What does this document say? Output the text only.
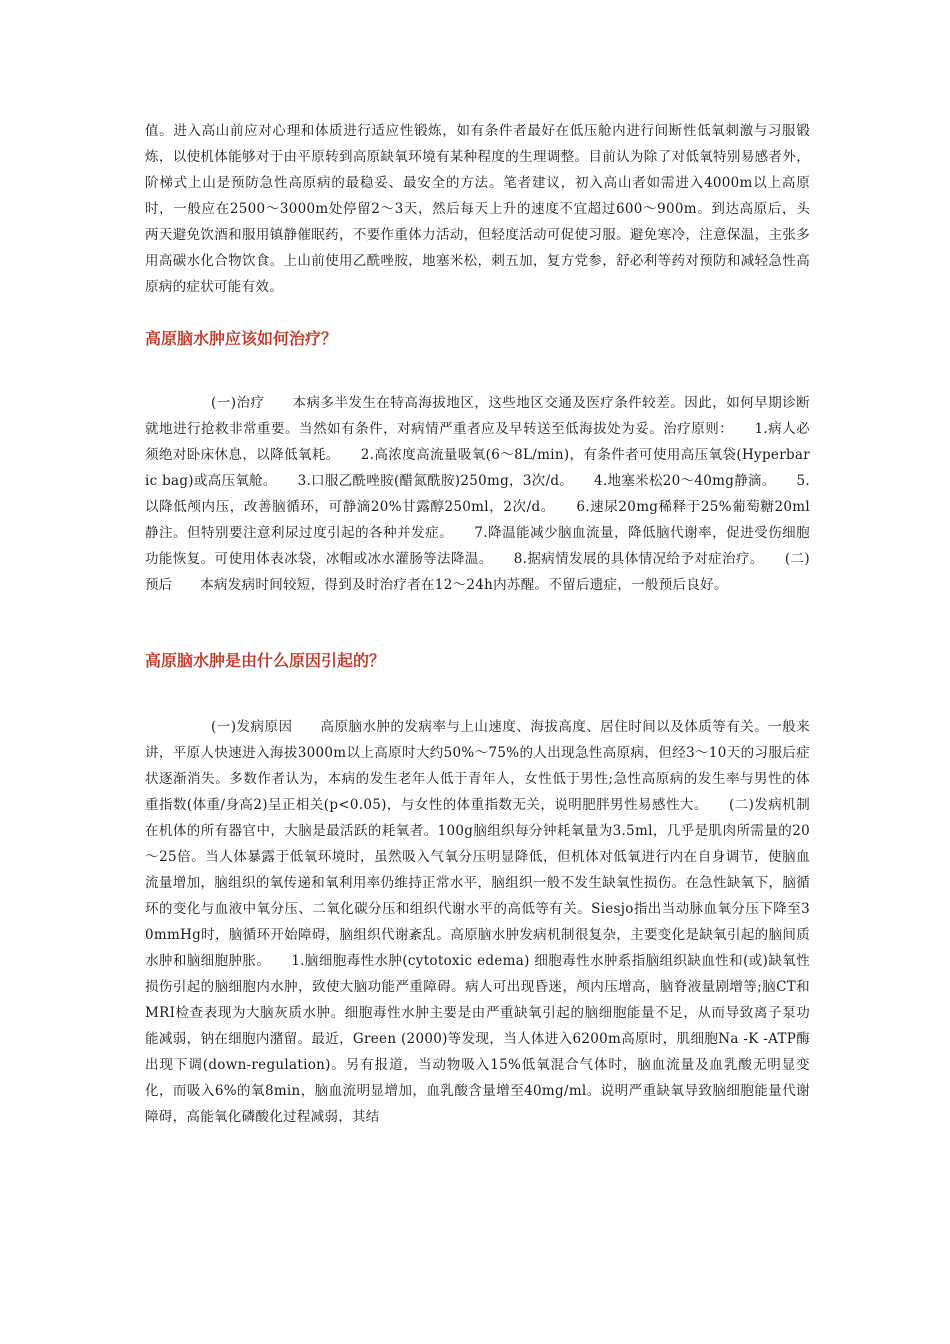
值。进入高山前应对心理和体质进行适应性锻炼，如有条件者最好在低压舱内进行间断性低氧刺激与习服锻炼，以使机体能够对于由平原转到高原缺氧环境有某种程度的生理调整。目前认为除了对低氧特别易感者外，阶梯式上山是预防急性高原病的最稳妥、最安全的方法。笔者建议，初入高山者如需进入4000m以上高原时，一般应在2500～3000m处停留2～3天，然后每天上升的速度不宜超过600～900m。到达高原后，头两天避免饮酒和服用镇静催眠药，不要作重体力活动，但轻度活动可促使习服。避免寒冷，注意保温，主张多用高碳水化合物饮食。上山前使用乙酰唑胺，地塞米松，刺五加，复方党参，舒必利等药对预防和减轻急性高原病的症状可能有效。

高原脑水肿应该如何治疗？

(一)治疗　　本病多半发生在特高海拔地区，这些地区交通及医疗条件较差。因此，如何早期诊断就地进行抢救非常重要。当然如有条件，对病情严重者应及早转送至低海拔处为妥。治疗原则：　　1.病人必须绝对卧床休息，以降低氧耗。　　2.高浓度高流量吸氧(6～8L/min)，有条件者可使用高压氧袋(Hyperbaric bag)或高压氧舱。　　3.口服乙酰唑胺(醋氮酰胺)250mg，3次/d。　　4.地塞米松20～40mg静滴。　　5.以降低颅内压，改善脑循环，可静滴20%甘露醇250ml，2次/d。　　6.速尿20mg稀释于25%葡萄糖20ml静注。但特别要注意利尿过度引起的各种并发症。　　7.降温能减少脑血流量，降低脑代谢率，促进受伤细胞功能恢复。可使用体表冰袋，冰帽或冰水灌肠等法降温。　　8.据病情发展的具体情况给予对症治疗。　　(二)预后　　本病发病时间较短，得到及时治疗者在12～24h内苏醒。不留后遗症，一般预后良好。

高原脑水肿是由什么原因引起的？

(一)发病原因　　高原脑水肿的发病率与上山速度、海拔高度、居住时间以及体质等有关。一般来讲，平原人快速进入海拔3000m以上高原时大约50%～75%的人出现急性高原病，但经3～10天的习服后症状逐渐消失。多数作者认为，本病的发生老年人低于青年人，女性低于男性;急性高原病的发生率与男性的体重指数(体重/身高2)呈正相关(p<0.05)，与女性的体重指数无关，说明肥胖男性易感性大。　　(二)发病机制　　在机体的所有器官中，大脑是最活跃的耗氧者。100g脑组织每分钟耗氧量为3.5ml，几乎是肌肉所需量的20～25倍。当人体暴露于低氧环境时，虽然吸入气氧分压明显降低，但机体对低氧进行内在自身调节，使脑血流量增加，脑组织的氧传递和氧利用率仍维持正常水平，脑组织一般不发生缺氧性损伤。在急性缺氧下，脑循环的变化与血液中氧分压、二氧化碳分压和组织代谢水平的高低等有关。Siesjo指出当动脉血氧分压下降至30mmHg时，脑循环开始障碍，脑组织代谢紊乱。高原脑水肿发病机制很复杂，主要变化是缺氧引起的脑间质水肿和脑细胞肿胀。　　1.脑细胞毒性水肿(cytotoxic edema) 细胞毒性水肿系指脑组织缺血性和(或)缺氧性损伤引起的脑细胞内水肿，致使大脑功能严重障碍。病人可出现昏迷，颅内压增高，脑脊液量剧增等;脑CT和MRI检查表现为大脑灰质水肿。细胞毒性水肿主要是由严重缺氧引起的脑细胞能量不足，从而导致离子泵功能减弱，钠在细胞内潴留。最近，Green (2000)等发现，当人体进入6200m高原时，肌细胞Na -K -ATP酶出现下调(down-regulation)。另有报道，当动物吸入15%低氧混合气体时，脑血流量及血乳酸无明显变化，而吸入6%的氧8min，脑血流明显增加，血乳酸含量增至40mg/ml。说明严重缺氧导致脑细胞能量代谢障碍，高能氧化磷酸化过程减弱，其结
